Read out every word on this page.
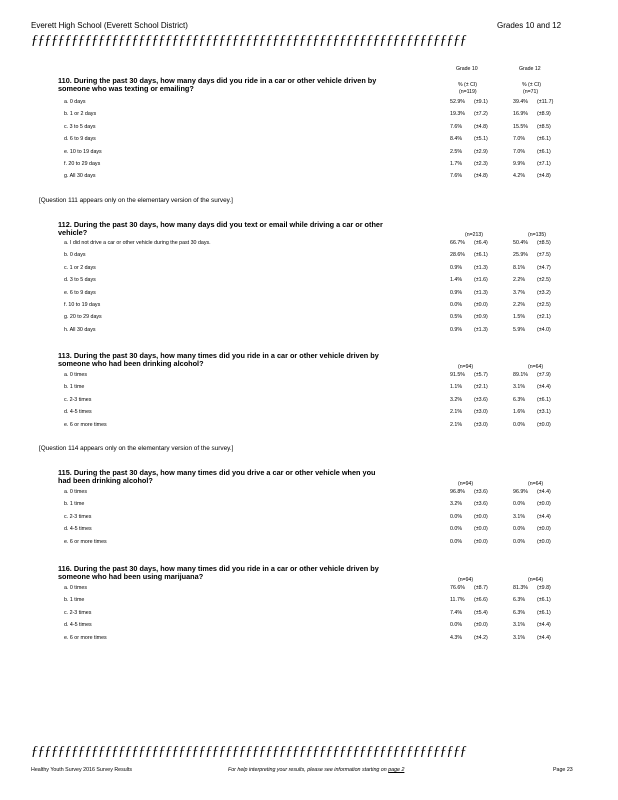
Everett High School (Everett School District)	Grades 10 and 12
ƒƒƒƒƒƒƒƒƒƒƒƒƒƒƒƒƒƒƒƒƒƒƒƒƒƒƒƒƒƒƒƒƒƒƒƒƒƒƒƒƒƒƒƒƒƒƒƒƒƒƒƒƒƒƒƒƒƒƒƒƒƒƒƒƒ
Grade 10	Grade 12
% (± CI)	% (± CI)
(n=119)	(n=71)
110. During the past 30 days, how many days did you ride in a car or other vehicle driven by someone who was texting or emailing?
a. 0 days	52.9% (±9.1)	39.4% (±11.7)
b. 1 or 2 days	19.3% (±7.2)	16.9% (±8.9)
c. 3 to 5 days	7.6% (±4.8)	15.5% (±8.5)
d. 6 to 9 days	8.4% (±5.1)	7.0% (±6.1)
e. 10 to 19 days	2.5% (±2.9)	7.0% (±6.1)
f. 20 to 29 days	1.7% (±2.3)	9.9% (±7.1)
g. All 30 days	7.6% (±4.8)	4.2% (±4.8)
[Question 111 appears only on the elementary version of the survey.]
112. During the past 30 days, how many days did you text or email while driving a car or other vehicle?	(n=213)	(n=135)
a. I did not drive a car or other vehicle during the past 30 days.	66.7% (±6.4)	50.4% (±8.5)
b. 0 days	28.6% (±6.1)	25.9% (±7.5)
c. 1 or 2 days	0.9% (±1.3)	8.1% (±4.7)
d. 3 to 5 days	1.4% (±1.6)	2.2% (±2.5)
e. 6 to 9 days	0.9% (±1.3)	3.7% (±3.2)
f. 10 to 19 days	0.0% (±0.0)	2.2% (±2.5)
g. 20 to 29 days	0.5% (±0.9)	1.5% (±2.1)
h. All 30 days	0.9% (±1.3)	5.9% (±4.0)
113. During the past 30 days, how many times did you ride in a car or other vehicle driven by someone who had been drinking alcohol?	(n=94)	(n=64)
a. 0 times	91.5% (±5.7)	89.1% (±7.9)
b. 1 time	1.1% (±2.1)	3.1% (±4.4)
c. 2-3 times	3.2% (±3.6)	6.3% (±6.1)
d. 4-5 times	2.1% (±3.0)	1.6% (±3.1)
e. 6 or more times	2.1% (±3.0)	0.0% (±0.0)
[Question 114 appears only on the elementary version of the survey.]
115. During the past 30 days, how many times did you drive a car or other vehicle when you had been drinking alcohol?	(n=94)	(n=64)
a. 0 times	96.8% (±3.6)	96.9% (±4.4)
b. 1 time	3.2% (±3.6)	0.0% (±0.0)
c. 2-3 times	0.0% (±0.0)	3.1% (±4.4)
d. 4-5 times	0.0% (±0.0)	0.0% (±0.0)
e. 6 or more times	0.0% (±0.0)	0.0% (±0.0)
116. During the past 30 days, how many times did you ride in a car or other vehicle driven by someone who had been using marijuana?	(n=94)	(n=64)
a. 0 times	76.6% (±8.7)	81.3% (±9.8)
b. 1 time	11.7% (±6.6)	6.3% (±6.1)
c. 2-3 times	7.4% (±5.4)	6.3% (±6.1)
d. 4-5 times	0.0% (±0.0)	3.1% (±4.4)
e. 6 or more times	4.3% (±4.2)	3.1% (±4.4)
ƒƒƒƒƒƒƒƒƒƒƒƒƒƒƒƒƒƒƒƒƒƒƒƒƒƒƒƒƒƒƒƒƒƒƒƒƒƒƒƒƒƒƒƒƒƒƒƒƒƒƒƒƒƒƒƒƒƒƒƒƒƒƒƒƒ
Healthy Youth Survey 2016 Survey Results	For help interpreting your results, please see information starting on page 2	Page 23
